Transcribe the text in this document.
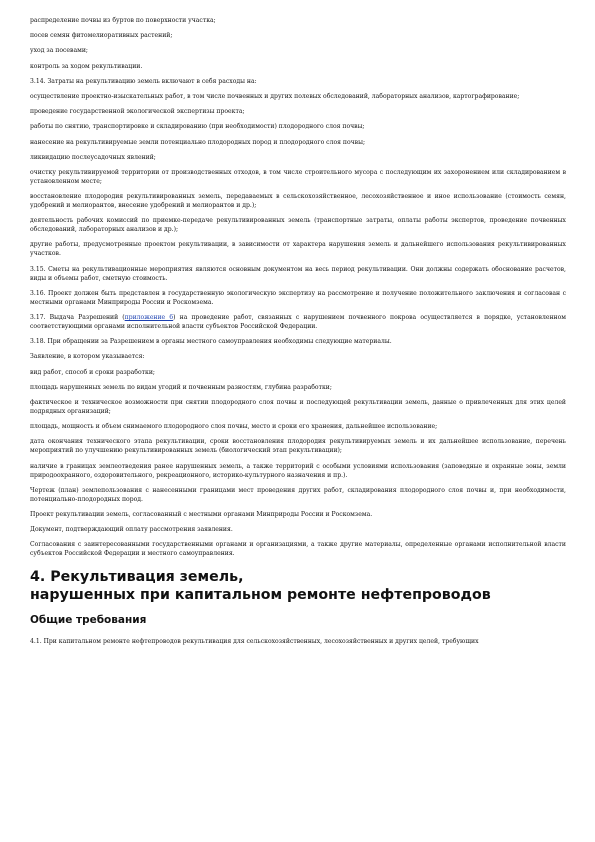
распределение почвы из буртов по поверхности участка;

посев семян фитомелиоративных растений;

уход за посевами;

контроль за ходом рекультивации.

3.14. Затраты на рекультивацию земель включают в себя расходы на:

осуществление проектно-изыскательных работ, в том числе почвенных и других полевых обследований, лабораторных анализов, картографирование;

проведение государственной экологической экспертизы проекта;

работы по снятию, транспортировке и складированию (при необходимости) плодородного слоя почвы;

нанесение на рекультивируемые земли потенциально плодородных пород и плодородного слоя почвы;

ликвидацию послеусадочных явлений;

очистку рекультивируемой территории от производственных отходов, в том числе строительного мусора с последующим их захоронением или складированием в установленном месте;

восстановление плодородия рекультивированных земель, передаваемых в сельскохозяйственное, лесохозяйственное и иное использование (стоимость семян, удобрений и мелиорантов, внесение удобрений и мелиорантов и др.);

деятельность рабочих комиссий по приемке-передаче рекультивированных земель (транспортные затраты, оплаты работы экспертов, проведение почвенных обследований, лабораторных анализов и др.);

другие работы, предусмотренные проектом рекультивации, в зависимости от характера нарушения земель и дальнейшего использования рекультивированных участков.

3.15. Сметы на рекультивационные мероприятия являются основным документом на весь период рекультивации. Они должны содержать обоснование расчетов, виды и объемы работ, сметную стоимость.

3.16. Проект должен быть представлен в государственную экологическую экспертизу на рассмотрение и получение положительного заключения и согласован с местными органами Минприроды России и Роскомзема.

3.17. Выдача Разрешений (приложение 6) на проведение работ, связанных с нарушением почвенного покрова осуществляется в порядке, установленном соответствующими органами исполнительной власти субъектов Российской Федерации.

3.18. При обращении за Разрешением в органы местного самоуправления необходимы следующие материалы.

Заявление, в котором указывается:

вид работ, способ и сроки разработки;

площадь нарушенных земель по видам угодий и почвенным разностям, глубина разработки;

фактическое и техническое возможности при снятии плодородного слоя почвы и последующей рекультивации земель, данные о привлеченных для этих целей подрядных организаций;

площадь, мощность и объем снимаемого плодородного слоя почвы, место и сроки его хранения, дальнейшее использование;

дата окончания технического этапа рекультивации, сроки восстановления плодородия рекультивируемых земель и их дальнейшее использование, перечень мероприятий по улучшению рекультивированных земель (биологический этап рекультивации);

наличие в границах землеотведения ранее нарушенных земель, а также территорий с особыми условиями использования (заповедные и охранные зоны, земли природоохранного, оздоровительного, рекреационного, историко-культурного назначения и пр.).

Чертеж (план) землепользования с нанесенными границами мест проведения других работ, складирования плодородного слоя почвы и, при необходимости, потенциально-плодородных пород.

Проект рекультивации земель, согласованный с местными органами Минприроды России и Роскомзема.

Документ, подтверждающий оплату рассмотрения заявления.

Согласования с заинтересованными государственными органами и организациями, а также другие материалы, определенные органами исполнительной власти субъектов Российской Федерации и местного самоуправления.

4. Рекультивация земель,
нарушенных при капитальном ремонте нефтепроводов
Общие требования

4.1. При капитальном ремонте нефтепроводов рекультивация для сельскохозяйственных, лесохозяйственных и других целей, требующих
